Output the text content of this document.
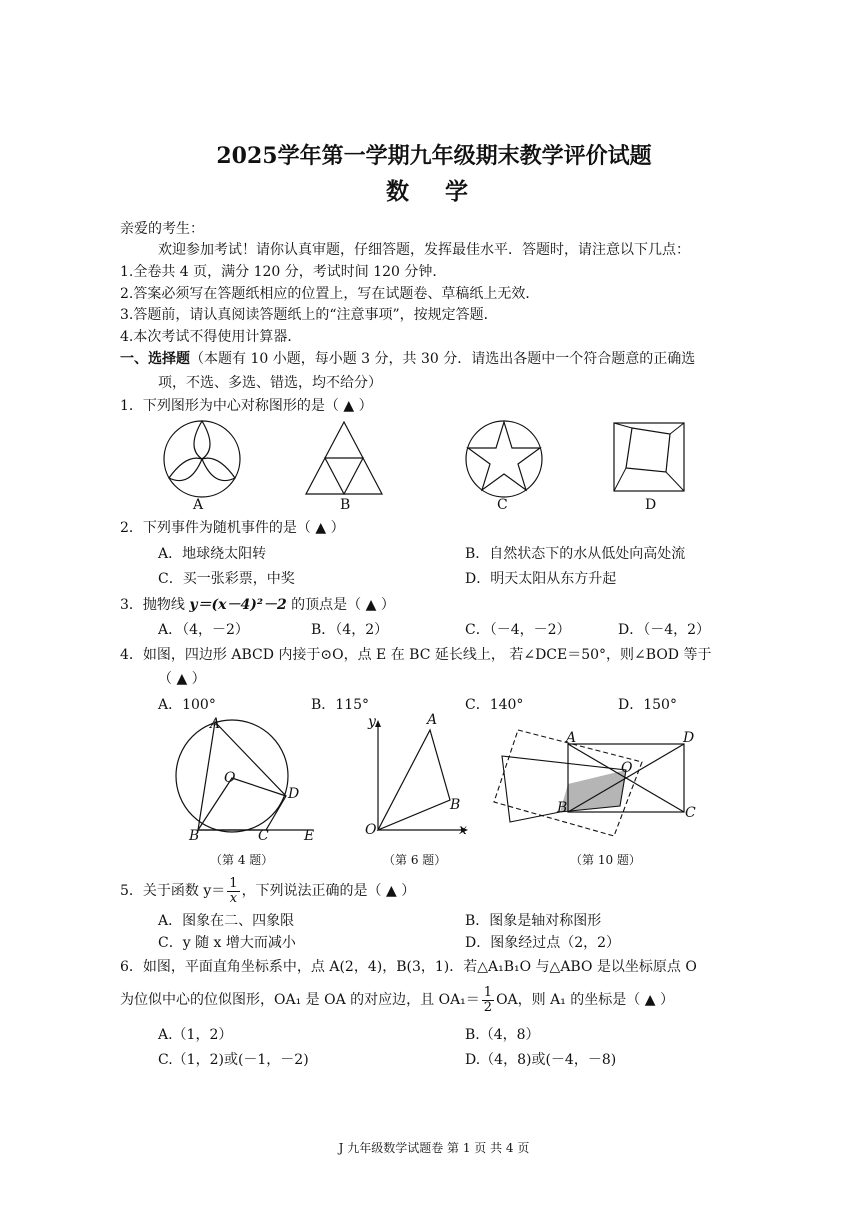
2025学年第一学期九年级期末教学评价试题
数 学
亲爱的考生：
欢迎参加考试！请你认真审题，仔细答题，发挥最佳水平．答题时，请注意以下几点：
1.全卷共 4 页，满分 120 分，考试时间 120 分钟．
2.答案必须写在答题纸相应的位置上，写在试题卷、草稿纸上无效．
3.答题前，请认真阅读答题纸上的“注意事项”，按规定答题．
4.本次考试不得使用计算器．
一、选择题（本题有 10 小题，每小题 3 分，共 30 分．请选出各题中一个符合题意的正确选
项，不选、多选、错选，均不给分）
1．下列图形为中心对称图形的是（ ▲ ）
A	B	C	D
2．下列事件为随机事件的是（ ▲ ）
A．地球绕太阳转	B．自然状态下的水从低处向高处流
C．买一张彩票，中奖	D．明天太阳从东方升起
3．抛物线 y＝(x－4)²－2 的顶点是（ ▲ ）
A．（4，－2）	B．（4，2）	C．（－4，－2）	D．（－4，2）
4．如图，四边形 ABCD 内接于⊙O，点 E 在 BC 延长线上， 若∠DCE＝50°，则∠BOD 等于
（ ▲ ）
A．100°	B．115°	C．140°	D．150°
A
O
D
B	C	E
（第 4 题）
y	A
B
O	x
（第 6 题）
A	D
O
B	C
（第 10 题）
5．关于函数 $y= \frac{1}{x}$ ，下列说法正确的是（ ▲ ）
A．图象在二、四象限	B．图象是轴对称图形
C．y 随 x 增大而减小	D．图象经过点（2，2）
6．如图，平面直角坐标系中，点 A(2，4)，B(3，1)．若△A₁B₁O 与△ABO 是以坐标原点 O
为位似中心的位似图形，OA₁ 是 OA 的对应边，且 $OA_1= \frac{1}{2}$ OA，则 A₁ 的坐标是（ ▲ ）
A.（1，2）	B.（4，8）
C.（1，2)或(－1，－2)	D.（4，8)或(－4，－8)
J 九年级数学试题卷 第 1 页 共 4 页
